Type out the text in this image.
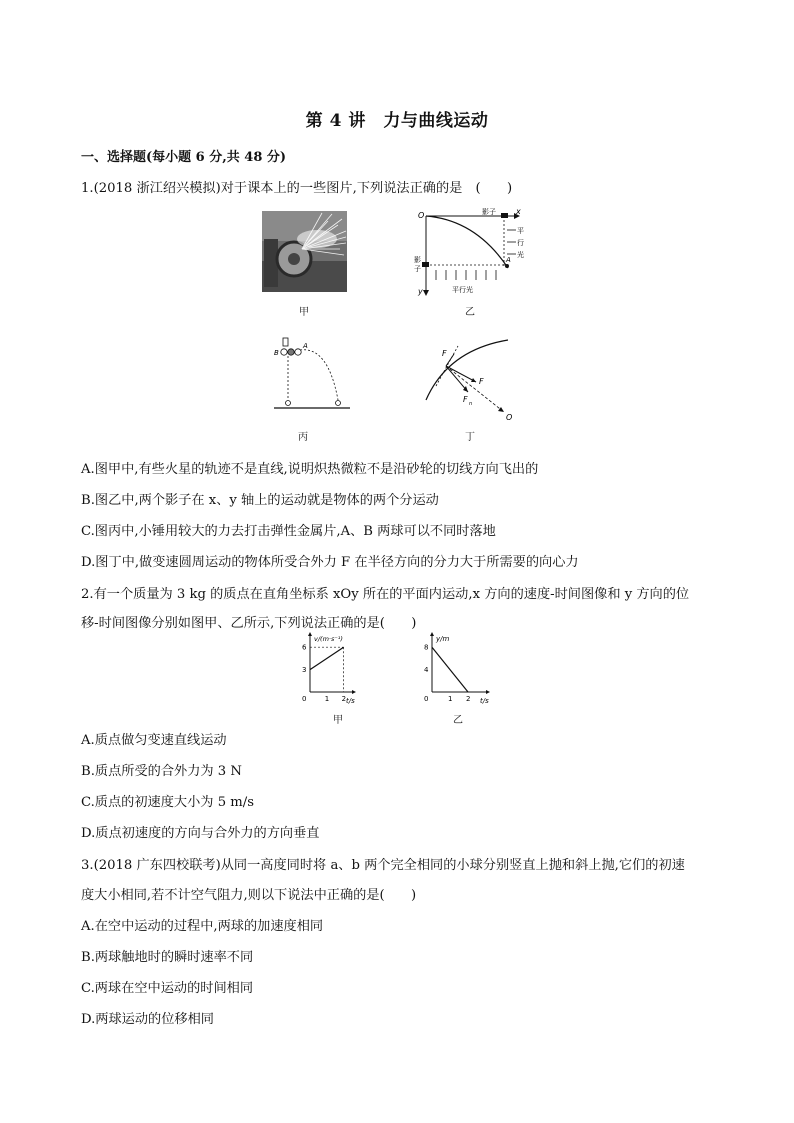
第 4 讲　力与曲线运动
一、选择题(每小题 6 分,共 48 分)
1.(2018 浙江绍兴模拟)对于课本上的一些图片,下列说法正确的是　(　　)
甲
O	影子	x
平
行
光
A
影
子
y	平行光
乙
B
A
丙
F
F
F n
O
丁
A.图甲中,有些火星的轨迹不是直线,说明炽热微粒不是沿砂轮的切线方向飞出的
B.图乙中,两个影子在 x、y 轴上的运动就是物体的两个分运动
C.图丙中,小锤用较大的力去打击弹性金属片,A、B 两球可以不同时落地
D.图丁中,做变速圆周运动的物体所受合外力 F 在半径方向的分力大于所需要的向心力
2.有一个质量为 3 kg 的质点在直角坐标系 xOy 所在的平面内运动,x 方向的速度-时间图像和 y 方向的位
移-时间图像分别如图甲、乙所示,下列说法正确的是(　　)
3
6
0	1 2
v/(m·s⁻¹)
t/s
甲
4
8
0	1 2
y/m
t/s
乙
A.质点做匀变速直线运动
B.质点所受的合外力为 3 N
C.质点的初速度大小为 5 m/s
D.质点初速度的方向与合外力的方向垂直
3.(2018 广东四校联考)从同一高度同时将 a、b 两个完全相同的小球分别竖直上抛和斜上抛,它们的初速
度大小相同,若不计空气阻力,则以下说法中正确的是(　　)
A.在空中运动的过程中,两球的加速度相同
B.两球触地时的瞬时速率不同
C.两球在空中运动的时间相同
D.两球运动的位移相同
